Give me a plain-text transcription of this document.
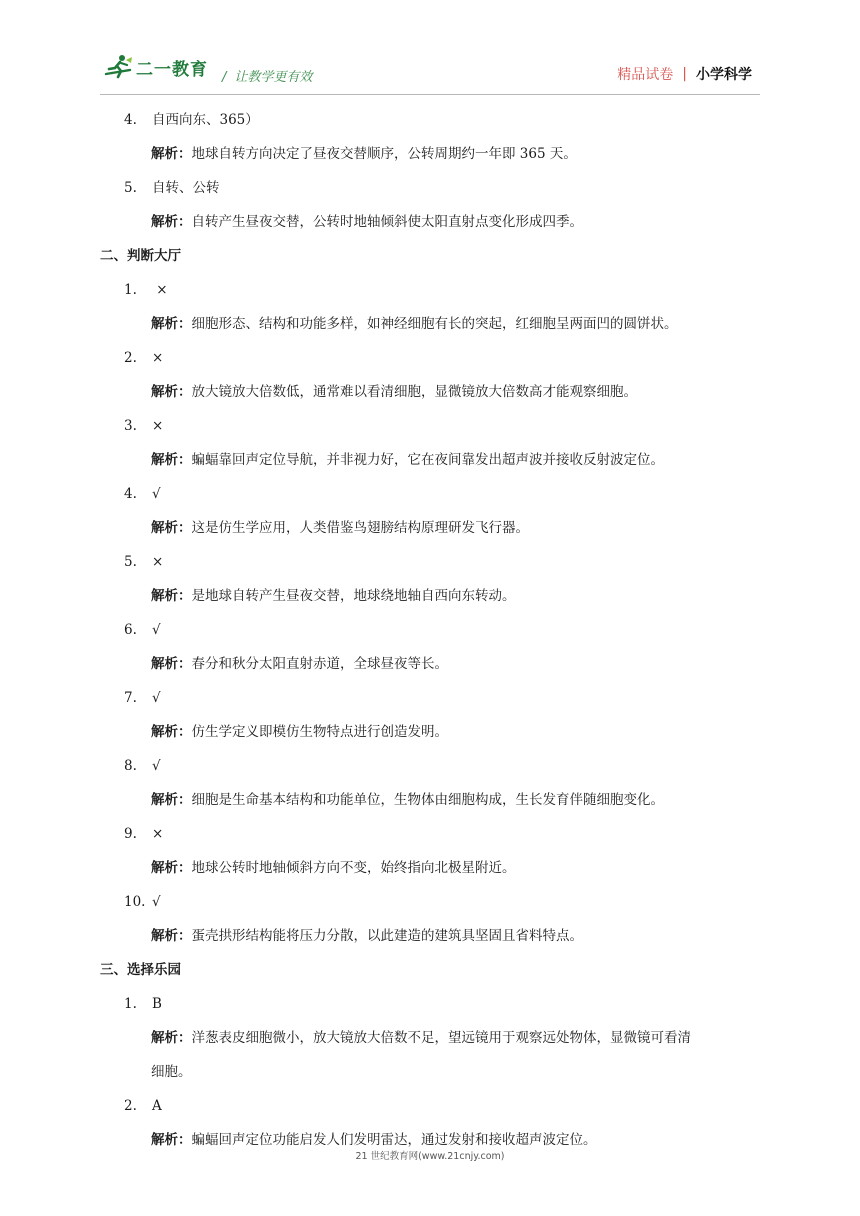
二一教育 / 让教学更有效	精品试卷 | 小学科学
4. 自西向东、365）
解析：地球自转方向决定了昼夜交替顺序，公转周期约一年即 365 天。
5. 自转、公转
解析：自转产生昼夜交替，公转时地轴倾斜使太阳直射点变化形成四季。
二、判断大厅
1. ×
解析：细胞形态、结构和功能多样，如神经细胞有长的突起，红细胞呈两面凹的圆饼状。
2. ×
解析：放大镜放大倍数低，通常难以看清细胞，显微镜放大倍数高才能观察细胞。
3. ×
解析：蝙蝠靠回声定位导航，并非视力好，它在夜间靠发出超声波并接收反射波定位。
4. √
解析：这是仿生学应用，人类借鉴鸟翅膀结构原理研发飞行器。
5. ×
解析：是地球自转产生昼夜交替，地球绕地轴自西向东转动。
6. √
解析：春分和秋分太阳直射赤道，全球昼夜等长。
7. √
解析：仿生学定义即模仿生物特点进行创造发明。
8. √
解析：细胞是生命基本结构和功能单位，生物体由细胞构成，生长发育伴随细胞变化。
9. ×
解析：地球公转时地轴倾斜方向不变，始终指向北极星附近。
10. √
解析：蛋壳拱形结构能将压力分散，以此建造的建筑具坚固且省料特点。
三、选择乐园
1. B
解析：洋葱表皮细胞微小，放大镜放大倍数不足，望远镜用于观察远处物体，显微镜可看清
细胞。
2. A
解析：蝙蝠回声定位功能启发人们发明雷达，通过发射和接收超声波定位。
21 世纪教育网(www.21cnjy.com)
